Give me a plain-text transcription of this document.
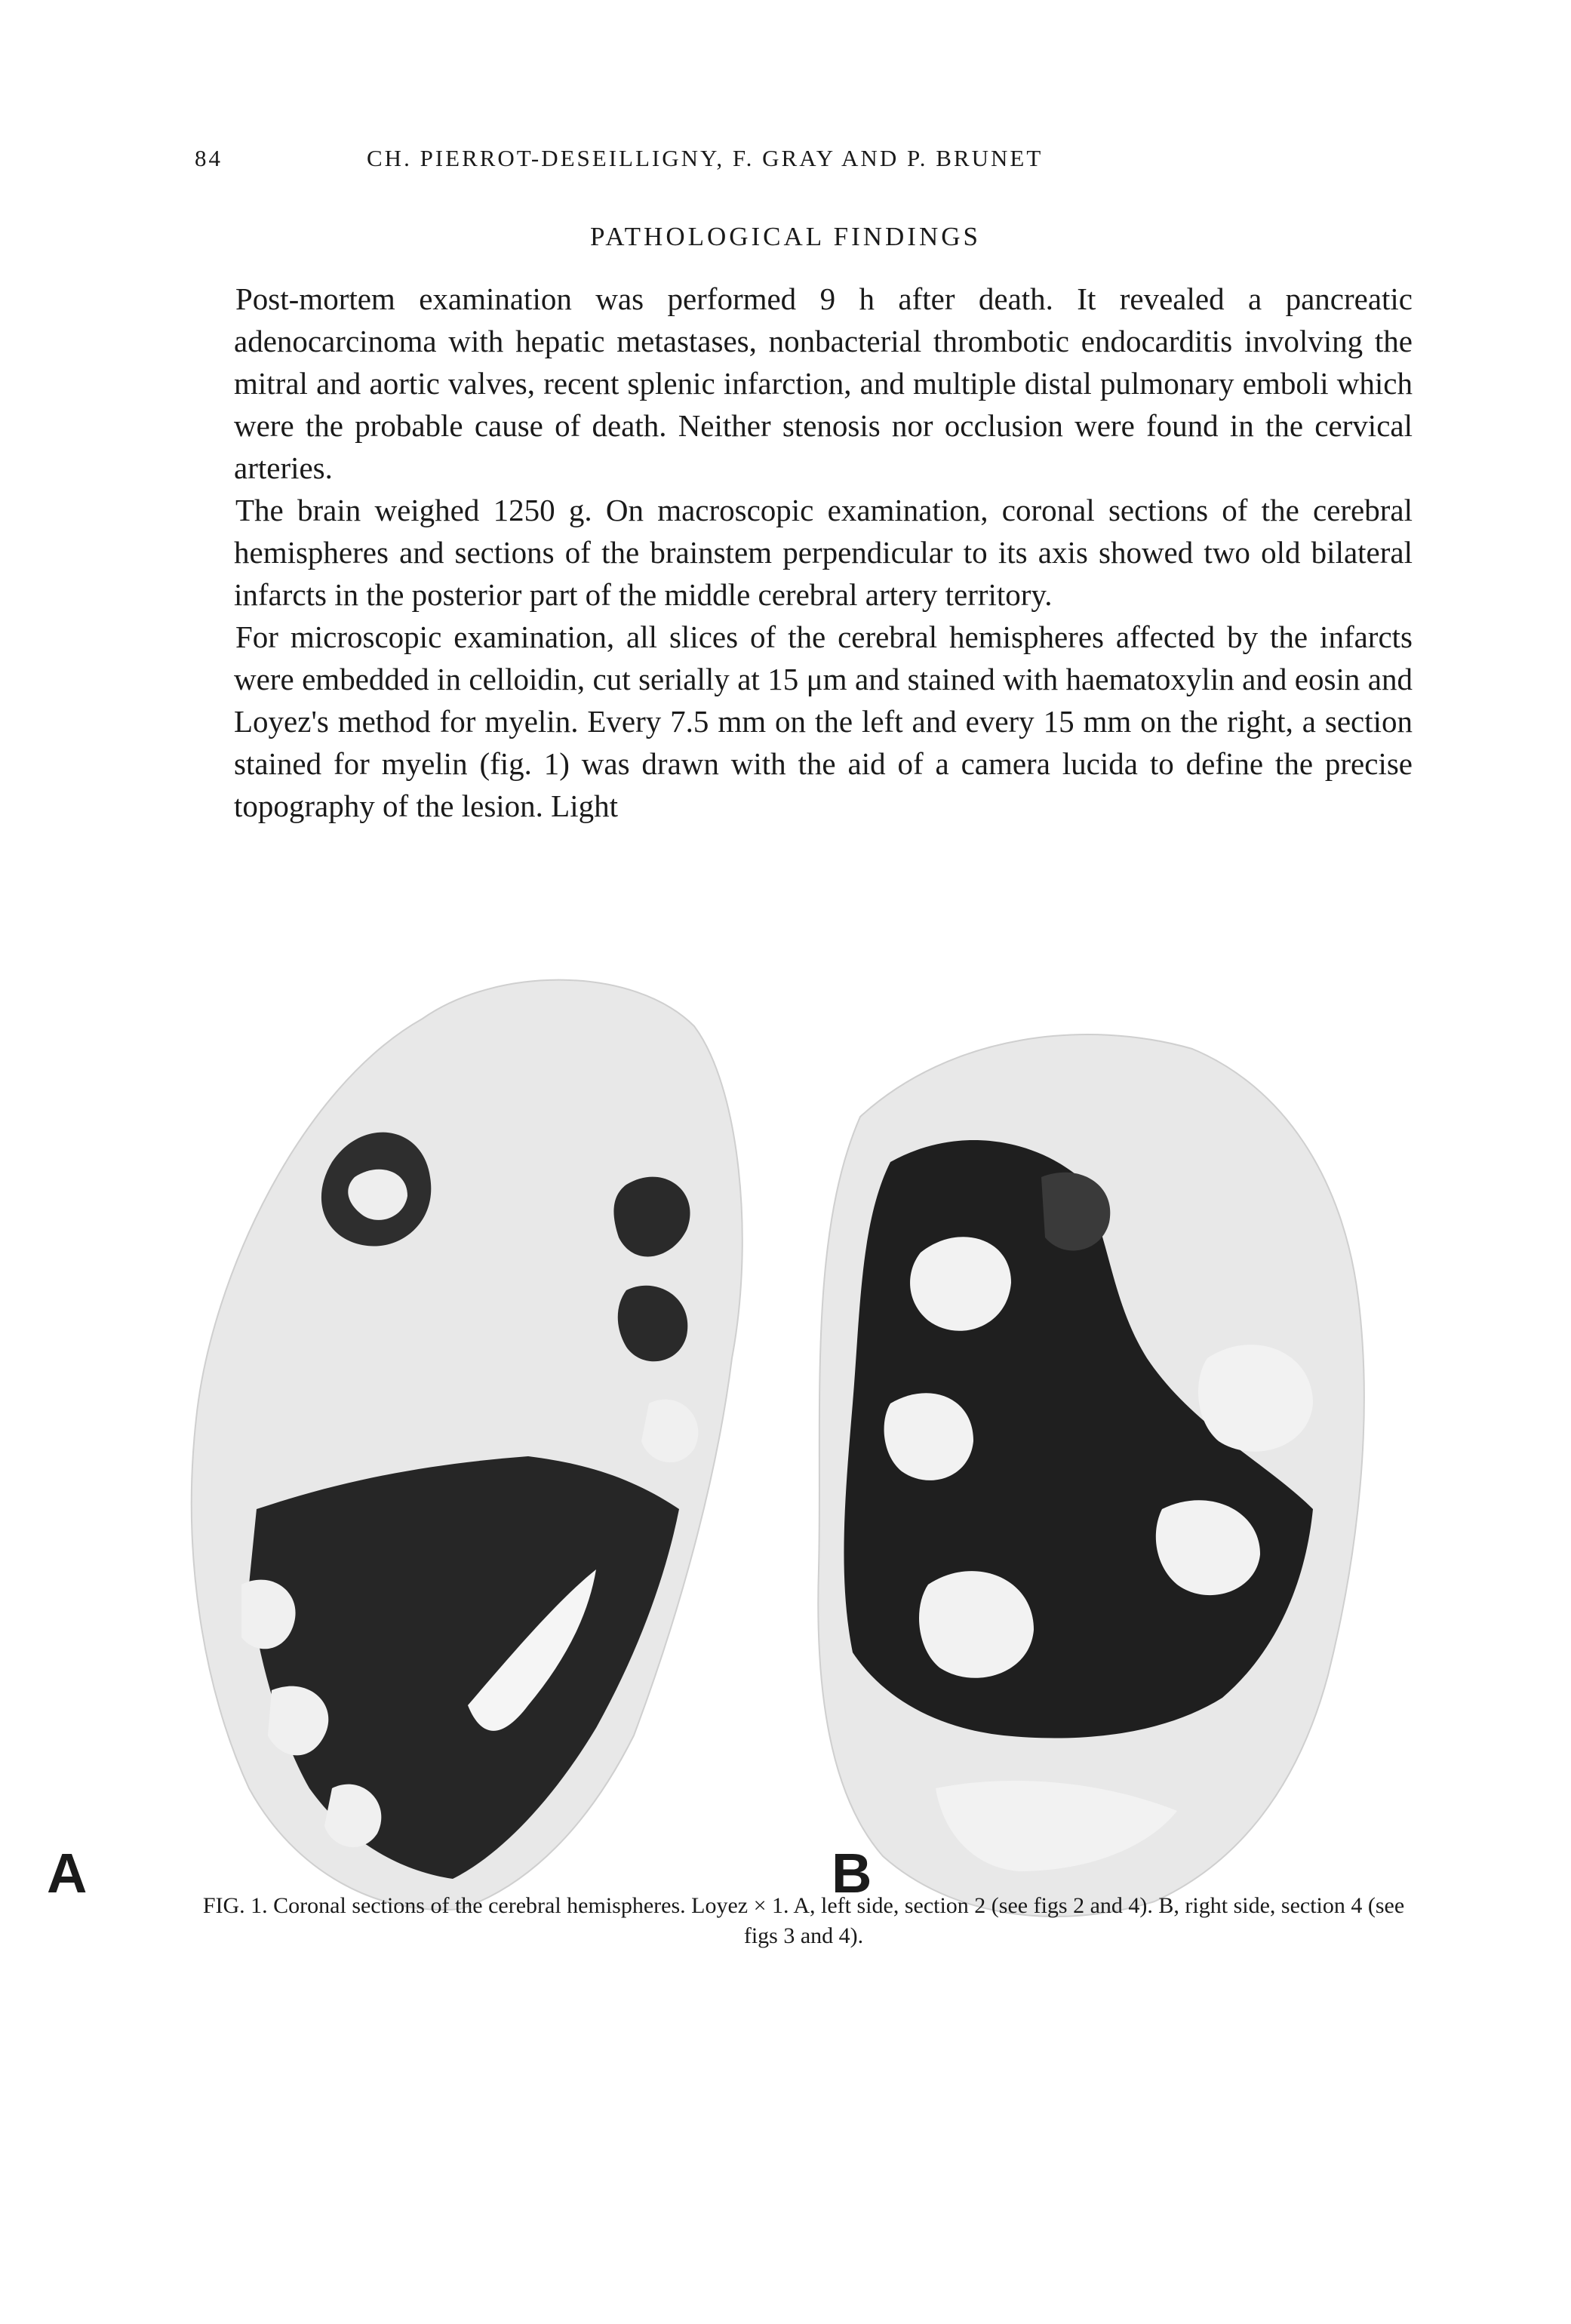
84	CH. PIERROT-DESEILLIGNY, F. GRAY AND P. BRUNET
PATHOLOGICAL FINDINGS

Post-mortem examination was performed 9 h after death. It revealed a pancreatic adenocarcinoma with hepatic metastases, nonbacterial thrombotic endocarditis involving the mitral and aortic valves, recent splenic infarction, and multiple distal pulmonary emboli which were the probable cause of death. Neither stenosis nor occlusion were found in the cervical arteries.

The brain weighed 1250 g. On macroscopic examination, coronal sections of the cerebral hemispheres and sections of the brainstem perpendicular to its axis showed two old bilateral infarcts in the posterior part of the middle cerebral artery territory.

For microscopic examination, all slices of the cerebral hemispheres affected by the infarcts were embedded in celloidin, cut serially at 15 μm and stained with haematoxylin and eosin and Loyez's method for myelin. Every 7.5 mm on the left and every 15 mm on the right, a section stained for myelin (fig. 1) was drawn with the aid of a camera lucida to define the precise topography of the lesion. Light

A	B
FIG. 1. Coronal sections of the cerebral hemispheres. Loyez × 1. A, left side, section 2 (see figs 2 and 4). B, right side, section 4 (see figs 3 and 4).
